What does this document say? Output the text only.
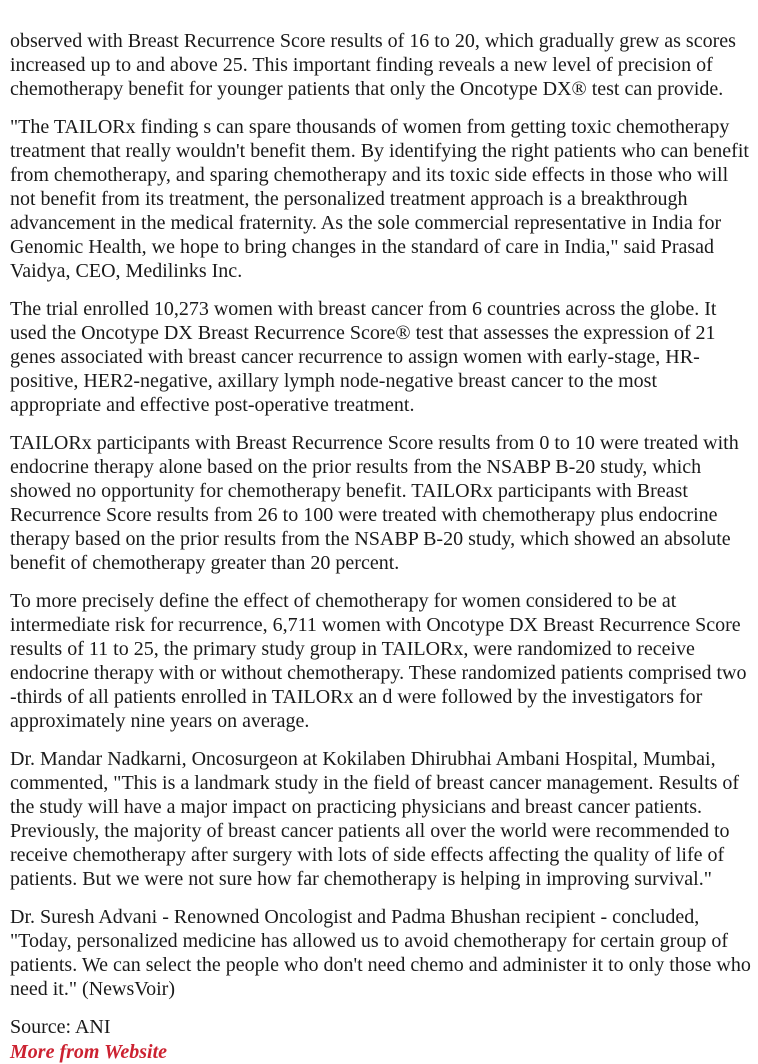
observed with Breast Recurrence Score results of 16 to 20, which gradually grew as scores increased up to and above 25. This important finding reveals a new level of precision of chemotherapy benefit for younger patients that only the Oncotype DX® test can provide.

"The TAILORx finding s can spare thousands of women from getting toxic chemotherapy treatment that really wouldn't benefit them. By identifying the right patients who can benefit from chemotherapy, and sparing chemotherapy and its toxic side effects in those who will not benefit from its treatment, the personalized treatment approach is a breakthrough advancement in the medical fraternity. As the sole commercial representative in India for Genomic Health, we hope to bring changes in the standard of care in India," said Prasad Vaidya, CEO, Medilinks Inc.

The trial enrolled 10,273 women with breast cancer from 6 countries across the globe. It used the Oncotype DX Breast Recurrence Score® test that assesses the expression of 21 genes associated with breast cancer recurrence to assign women with early-stage, HR-positive, HER2-negative, axillary lymph node-negative breast cancer to the most appropriate and effective post-operative treatment.

TAILORx participants with Breast Recurrence Score results from 0 to 10 were treated with endocrine therapy alone based on the prior results from the NSABP B-20 study, which showed no opportunity for chemotherapy benefit. TAILORx participants with Breast Recurrence Score results from 26 to 100 were treated with chemotherapy plus endocrine therapy based on the prior results from the NSABP B-20 study, which showed an absolute benefit of chemotherapy greater than 20 percent.

To more precisely define the effect of chemotherapy for women considered to be at intermediate risk for recurrence, 6,711 women with Oncotype DX Breast Recurrence Score results of 11 to 25, the primary study group in TAILORx, were randomized to receive endocrine therapy with or without chemotherapy. These randomized patients comprised two -thirds of all patients enrolled in TAILORx an d were followed by the investigators for approximately nine years on average.

Dr. Mandar Nadkarni, Oncosurgeon at Kokilaben Dhirubhai Ambani Hospital, Mumbai, commented, "This is a landmark study in the field of breast cancer management. Results of the study will have a major impact on practicing physicians and breast cancer patients. Previously, the majority of breast cancer patients all over the world were recommended to receive chemotherapy after surgery with lots of side effects affecting the quality of life of patients. But we were not sure how far chemotherapy is helping in improving survival."

Dr. Suresh Advani - Renowned Oncologist and Padma Bhushan recipient - concluded, "Today, personalized medicine has allowed us to avoid chemotherapy for certain group of patients. We can select the people who don't need chemo and administer it to only those who need it." (NewsVoir)

Source: ANI

More from Website
